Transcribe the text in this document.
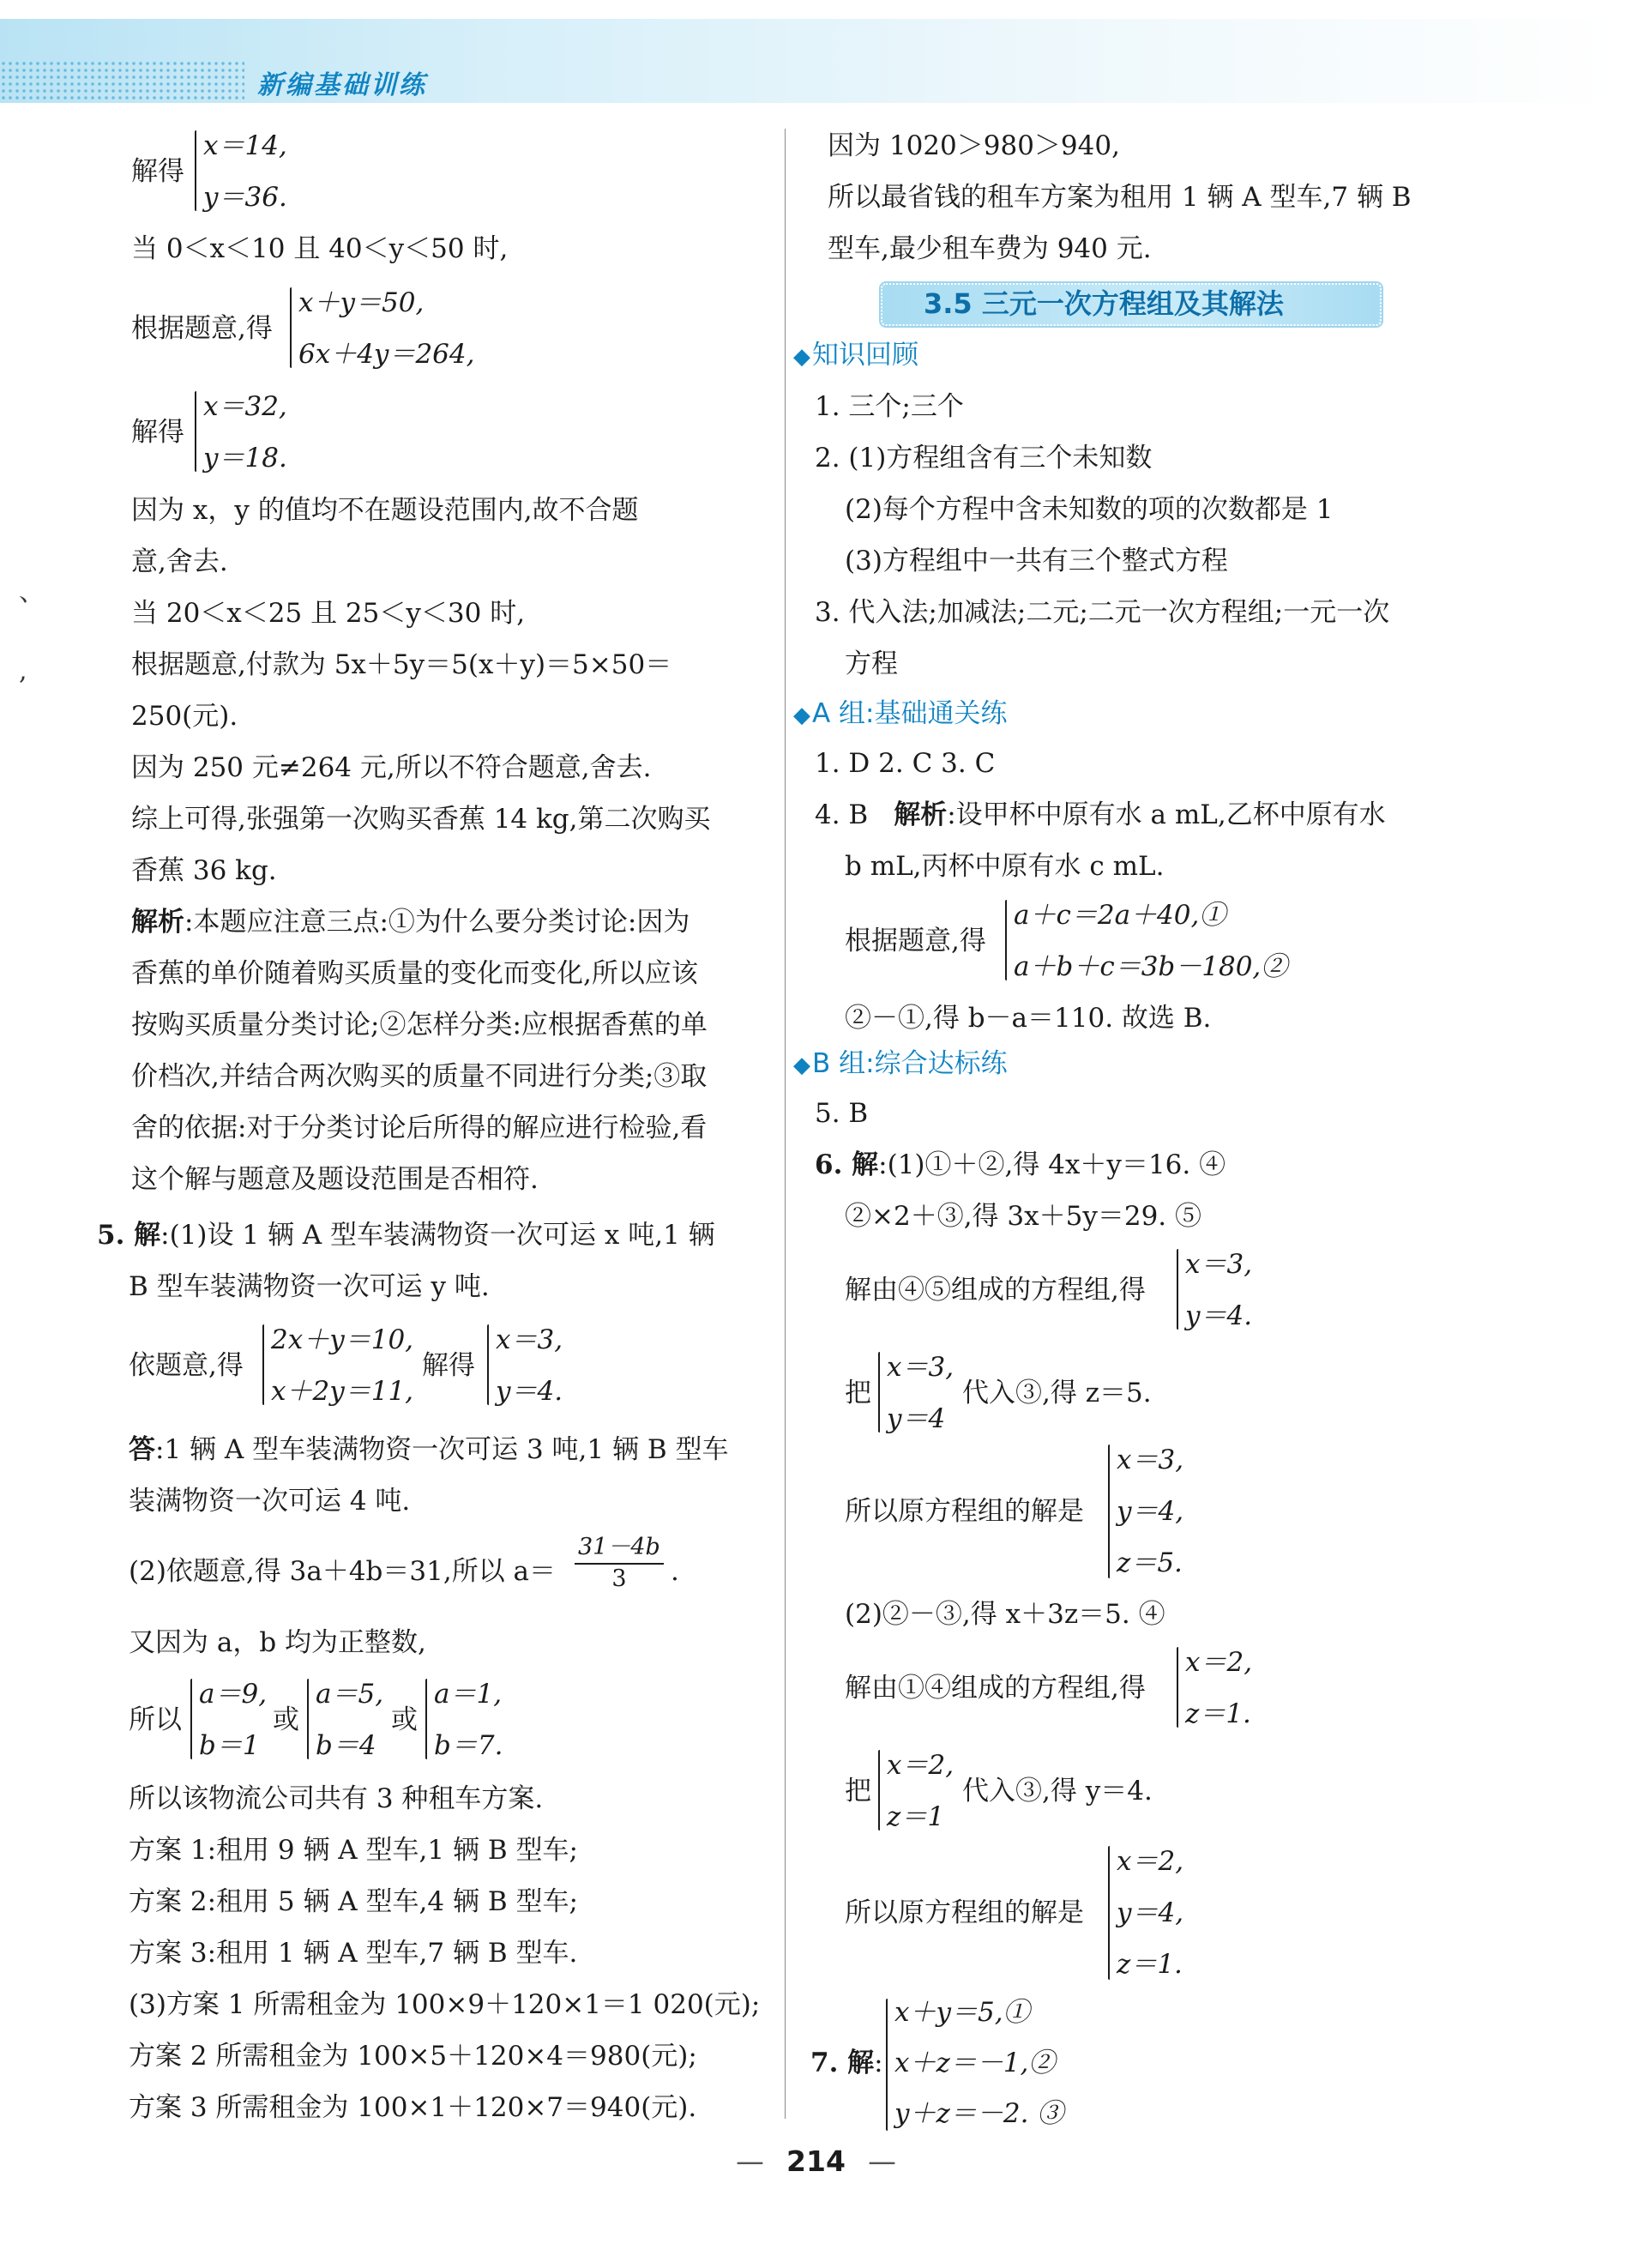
新编基础训练
、
,
解得
x＝14,
y＝36.
当 0＜x＜10 且 40＜y＜50 时,
根据题意,得
x＋y＝50,
6x＋4y＝264,
解得
x＝32,
y＝18.
因为 x，y 的值均不在题设范围内,故不合题
意,舍去.
当 20＜x＜25 且 25＜y＜30 时,
根据题意,付款为 5x＋5y＝5(x＋y)＝5×50＝
250(元).
因为 250 元≠264 元,所以不符合题意,舍去.
综上可得,张强第一次购买香蕉 14 kg,第二次购买
香蕉 36 kg.
解析:本题应注意三点:①为什么要分类讨论:因为
香蕉的单价随着购买质量的变化而变化,所以应该
按购买质量分类讨论;②怎样分类:应根据香蕉的单
价档次,并结合两次购买的质量不同进行分类;③取
舍的依据:对于分类讨论后所得的解应进行检验,看
这个解与题意及题设范围是否相符.
5. 解:(1)设 1 辆 A 型车装满物资一次可运 x 吨,1 辆
B 型车装满物资一次可运 y 吨.
依题意,得
2x＋y＝10,
x＋2y＝11,
解得
x＝3,
y＝4.
答:1 辆 A 型车装满物资一次可运 3 吨,1 辆 B 型车
装满物资一次可运 4 吨.
(2)依题意,得 3a＋4b＝31,所以 $a= \frac{31-4b}{3}$ .
又因为 a，b 均为正整数,
所以
a＝9,
b＝1
或
a＝5,
b＝4
或
a＝1,
b＝7.
所以该物流公司共有 3 种租车方案.
方案 1:租用 9 辆 A 型车,1 辆 B 型车;
方案 2:租用 5 辆 A 型车,4 辆 B 型车;
方案 3:租用 1 辆 A 型车,7 辆 B 型车.
(3)方案 1 所需租金为 100×9＋120×1＝1 020(元);
方案 2 所需租金为 100×5＋120×4＝980(元);
方案 3 所需租金为 100×1＋120×7＝940(元).
因为 1020＞980＞940,
所以最省钱的租车方案为租用 1 辆 A 型车,7 辆 B
型车,最少租车费为 940 元.
3.5 三元一次方程组及其解法
◆知识回顾
1. 三个;三个
2. (1)方程组含有三个未知数
(2)每个方程中含未知数的项的次数都是 1
(3)方程组中一共有三个整式方程
3. 代入法;加减法;二元;二元一次方程组;一元一次
方程
◆A 组:基础通关练
1. D 2. C 3. C
4. B 解析:设甲杯中原有水 a mL,乙杯中原有水
b mL,丙杯中原有水 c mL.
根据题意,得
a＋c＝2a＋40,①
a＋b＋c＝3b－180,②
②－①,得 b－a＝110. 故选 B.
◆B 组:综合达标练
5. B
6. 解:(1)①＋②,得 4x＋y＝16. ④
②×2＋③,得 3x＋5y＝29. ⑤
解由④⑤组成的方程组,得
x＝3,
y＝4.
把
x＝3,
y＝4
代入③,得 z＝5.
所以原方程组的解是
x＝3,
y＝4,
z＝5.
(2)②－③,得 x＋3z＝5. ④
解由①④组成的方程组,得
x＝2,
z＝1.
把
x＝2,
z＝1
代入③,得 y＝4.
所以原方程组的解是
x＝2,
y＝4,
z＝1.
7. 解:
x＋y＝5,①
x＋z＝－1,②
y＋z＝－2. ③
— 214 —
